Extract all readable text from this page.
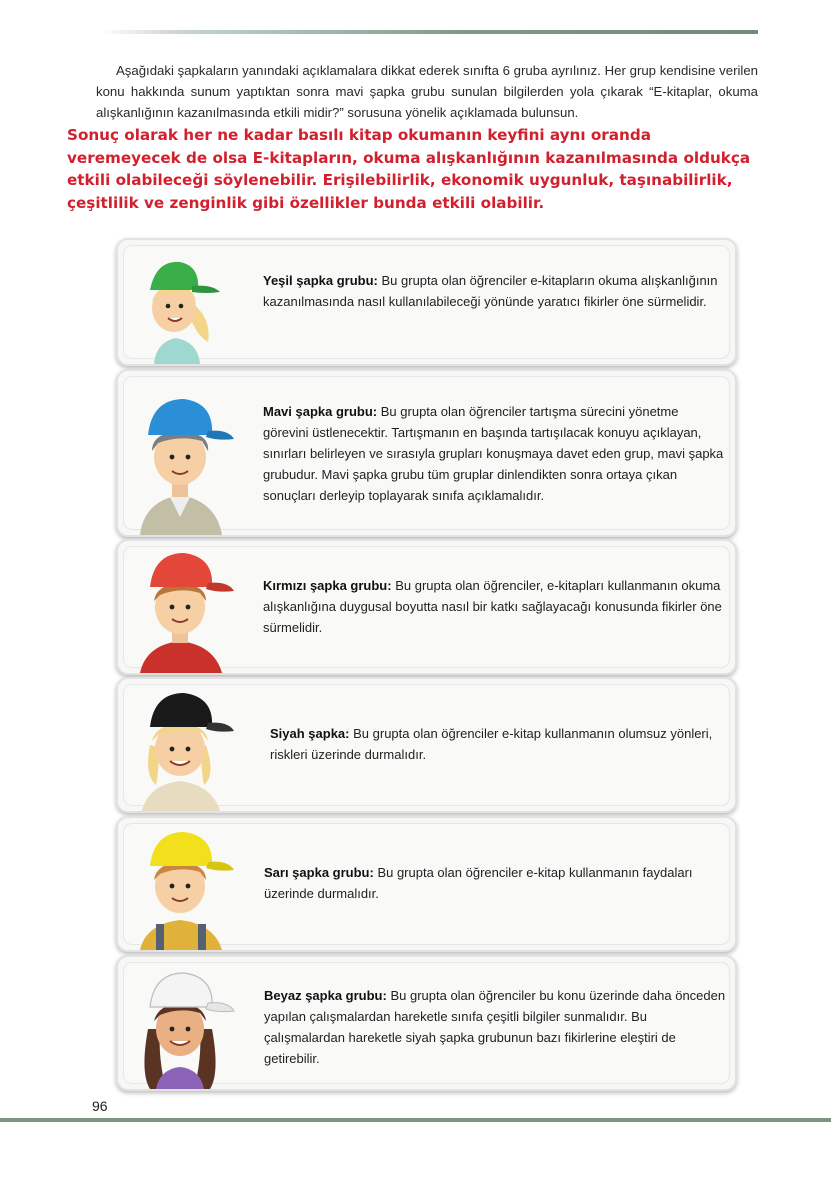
Aşağıdaki şapkaların yanındaki açıklamalara dikkat ederek sınıfta 6 gruba ayrılınız. Her grup kendisine verilen konu hakkında sunum yaptıktan sonra mavi şapka grubu sunulan bilgilerden yola çıkarak “E-kitaplar, okuma alışkanlığının kazanılmasında etkili midir?” sorusuna yönelik açıklamada bulunsun.

Sonuç olarak her ne kadar basılı kitap okumanın keyfini aynı oranda veremeyecek de olsa E-kitapların, okuma alışkanlığının kazanılmasında oldukça etkili olabileceği söylenebilir. Erişilebilirlik, ekonomik uygunluk, taşınabilirlik, çeşitlilik ve zenginlik gibi özellikler bunda etkili olabilir.

Yeşil şapka grubu: Bu grupta olan öğrenciler e-kitapların okuma alışkanlığının kazanılmasında nasıl kullanılabileceği yönünde yaratıcı fikirler öne sürmelidir.
Mavi şapka grubu: Bu grupta olan öğrenciler tartışma sürecini yönetme görevini üstlenecektir. Tartışmanın en başında tartışılacak konuyu açıklayan, sınırları belirleyen ve sırasıyla grupları konuşmaya davet eden grup, mavi şapka grubudur. Mavi şapka grubu tüm gruplar dinlendikten sonra ortaya çıkan sonuçları derleyip toplayarak sınıfa açıklamalıdır.
Kırmızı şapka grubu: Bu grupta olan öğrenciler, e-kitapları kullanmanın okuma alışkanlığına duygusal boyutta nasıl bir katkı sağlayacağı konusunda fikirler öne sürmelidir.
Siyah şapka: Bu grupta olan öğrenciler e-kitap kullanmanın olumsuz yönleri, riskleri üzerinde durmalıdır.
Sarı şapka grubu: Bu grupta olan öğrenciler e-kitap kullanmanın faydaları üzerinde durmalıdır.
Beyaz şapka grubu: Bu grupta olan öğrenciler bu konu üzerinde daha önceden yapılan çalışmalardan hareketle sınıfa çeşitli bilgiler sunmalıdır. Bu çalışmalardan hareketle siyah şapka grubunun bazı fikirlerine eleştiri de getirebilir.
96
